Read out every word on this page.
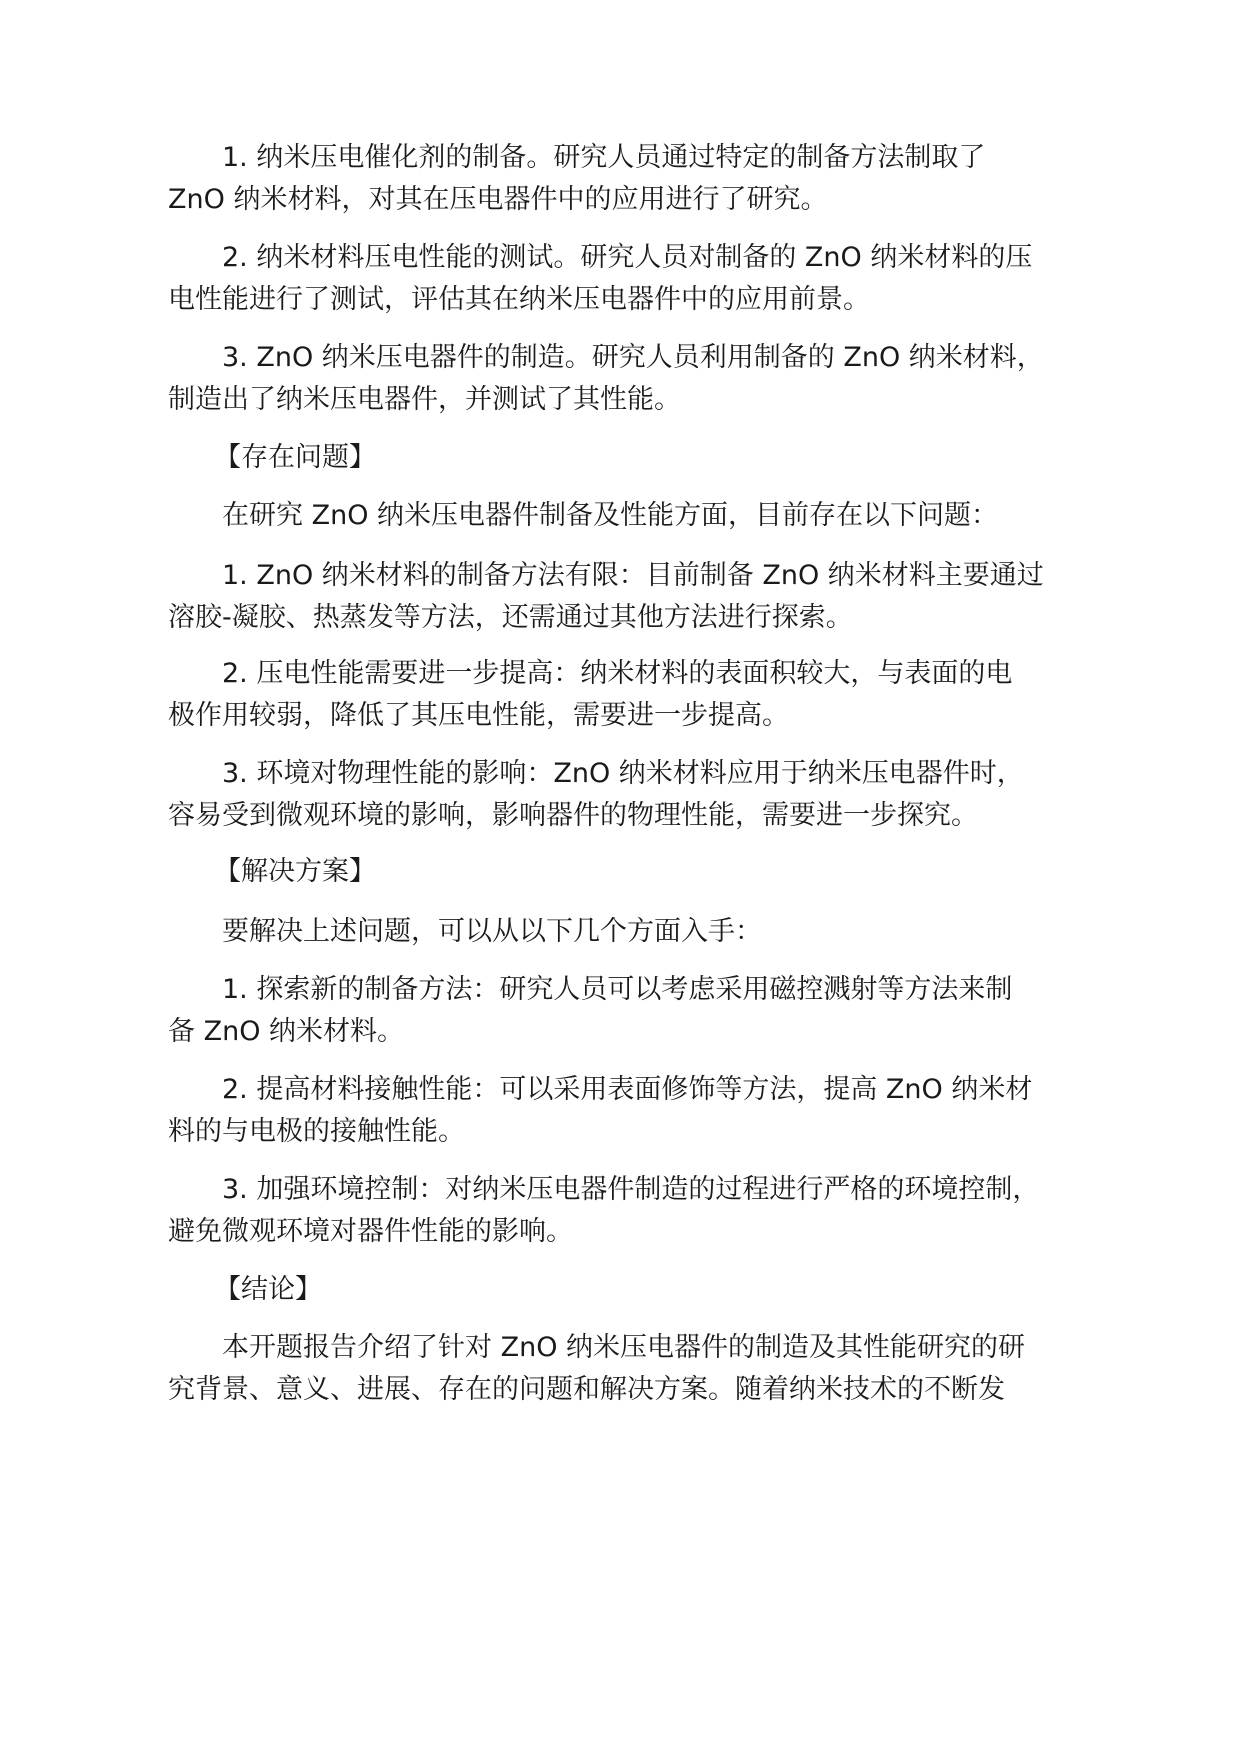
1. 纳米压电催化剂的制备。研究人员通过特定的制备方法制取了
ZnO 纳米材料，对其在压电器件中的应用进行了研究。
2. 纳米材料压电性能的测试。研究人员对制备的 ZnO 纳米材料的压
电性能进行了测试，评估其在纳米压电器件中的应用前景。
3. ZnO 纳米压电器件的制造。研究人员利用制备的 ZnO 纳米材料，
制造出了纳米压电器件，并测试了其性能。
【存在问题】
在研究 ZnO 纳米压电器件制备及性能方面，目前存在以下问题：
1. ZnO 纳米材料的制备方法有限：目前制备 ZnO 纳米材料主要通过
溶胶-凝胶、热蒸发等方法，还需通过其他方法进行探索。
2. 压电性能需要进一步提高：纳米材料的表面积较大，与表面的电
极作用较弱，降低了其压电性能，需要进一步提高。
3. 环境对物理性能的影响：ZnO 纳米材料应用于纳米压电器件时，
容易受到微观环境的影响，影响器件的物理性能，需要进一步探究。
【解决方案】
要解决上述问题，可以从以下几个方面入手：
1. 探索新的制备方法：研究人员可以考虑采用磁控溅射等方法来制
备 ZnO 纳米材料。
2. 提高材料接触性能：可以采用表面修饰等方法，提高 ZnO 纳米材
料的与电极的接触性能。
3. 加强环境控制：对纳米压电器件制造的过程进行严格的环境控制，
避免微观环境对器件性能的影响。
【结论】
本开题报告介绍了针对 ZnO 纳米压电器件的制造及其性能研究的研
究背景、意义、进展、存在的问题和解决方案。随着纳米技术的不断发
